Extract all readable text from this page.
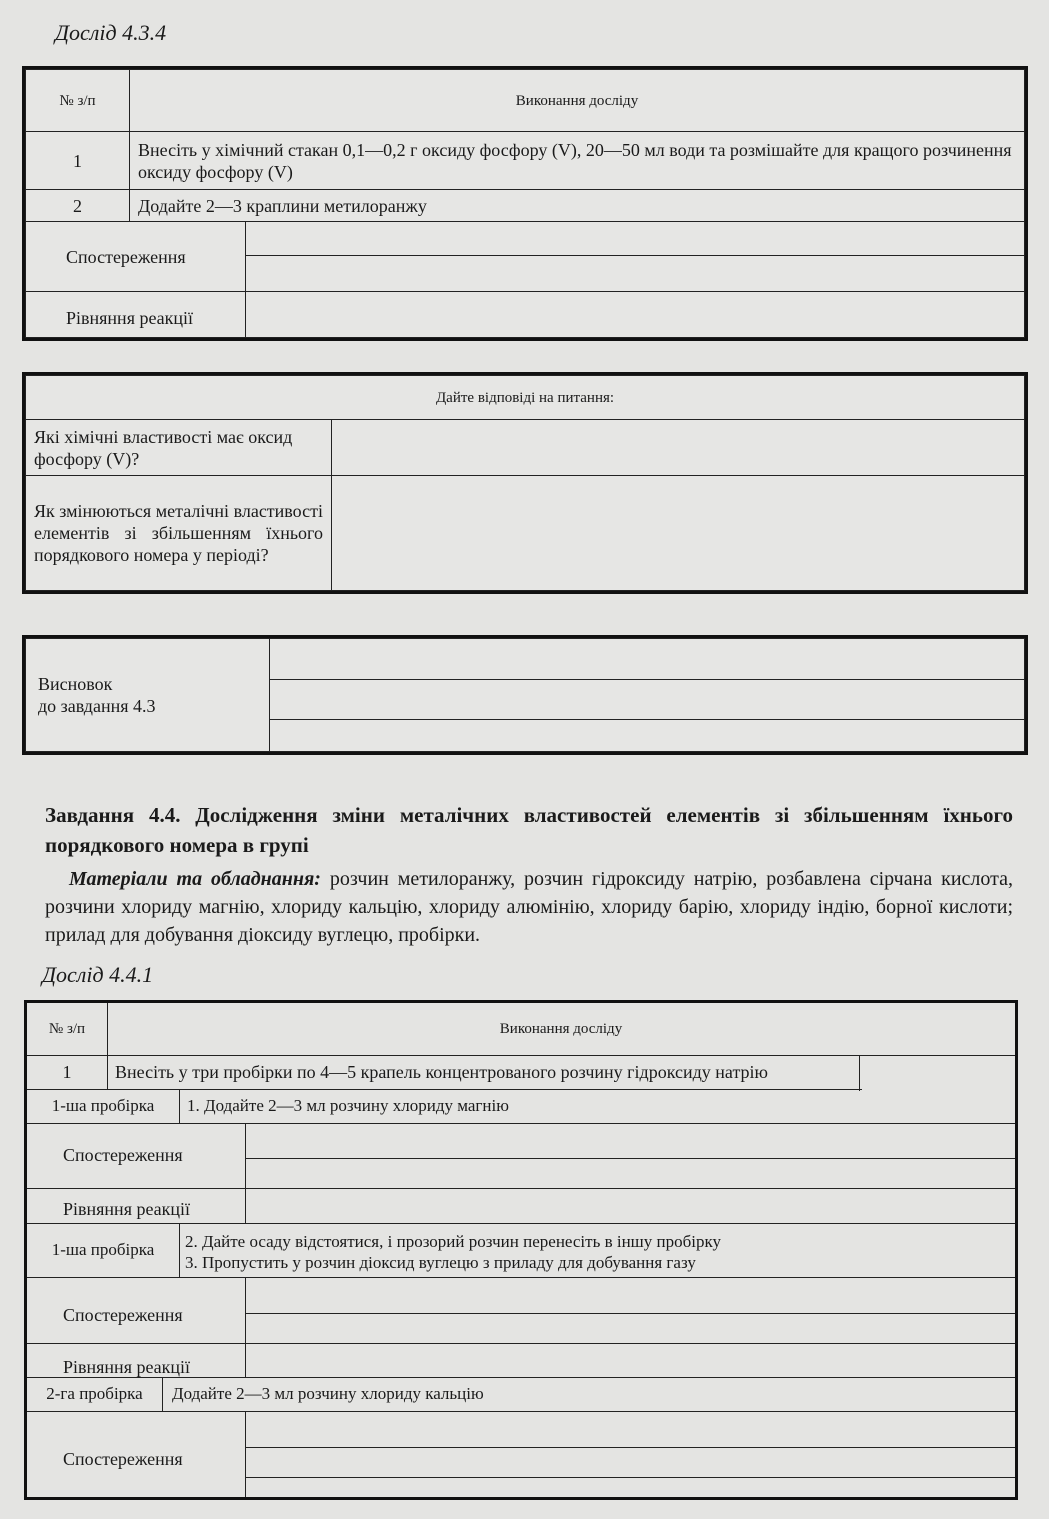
Дослід 4.3.4
№ з/п	Виконання досліду	
1	Внесіть у хімічний стакан 0,1—0,2 г оксиду фосфору (V), 20—50 мл води та розмішайте для кращого розчинення оксиду фосфору (V)	
2	Додайте 2—3 краплини метилоранжу	
Спостереження		

Рівняння реакції		
Дайте відповіді на питання:	
Які хімічні властивості має оксид фосфору (V)?	
Як змінюються металічні властивості елементів зі збільшенням їхнього порядкового номера у періоді?	
Висновок
до завдання 4.3

Завдання 4.4. Дослідження зміни металічних властивостей елементів зі збільшенням їхнього порядкового номера в групі
Матеріали та обладнання: розчин метилоранжу, розчин гідроксиду натрію, розбавлена сірчана кислота, розчини хлориду магнію, хлориду кальцію, хлориду алюмінію, хлориду барію, хлориду індію, борної кислоти; прилад для добування діоксиду вуглецю, пробірки.
Дослід 4.4.1
№ з/п	Виконання досліду
1	Внесіть у три пробірки по 4—5 крапель концентрованого розчину гідроксиду натрію
1-ша пробірка	1. Додайте 2—3 мл розчину хлориду магнію
Спостереження
Рівняння реакції
1-ша пробірка	2. Дайте осаду відстоятися, і прозорий розчин перенесіть в іншу пробірку
3. Пропустить у розчин діоксид вуглецю з приладу для добування газу
Спостереження
Рівняння реакції
2-га пробірка	Додайте 2—3 мл розчину хлориду кальцію
Спостереження
